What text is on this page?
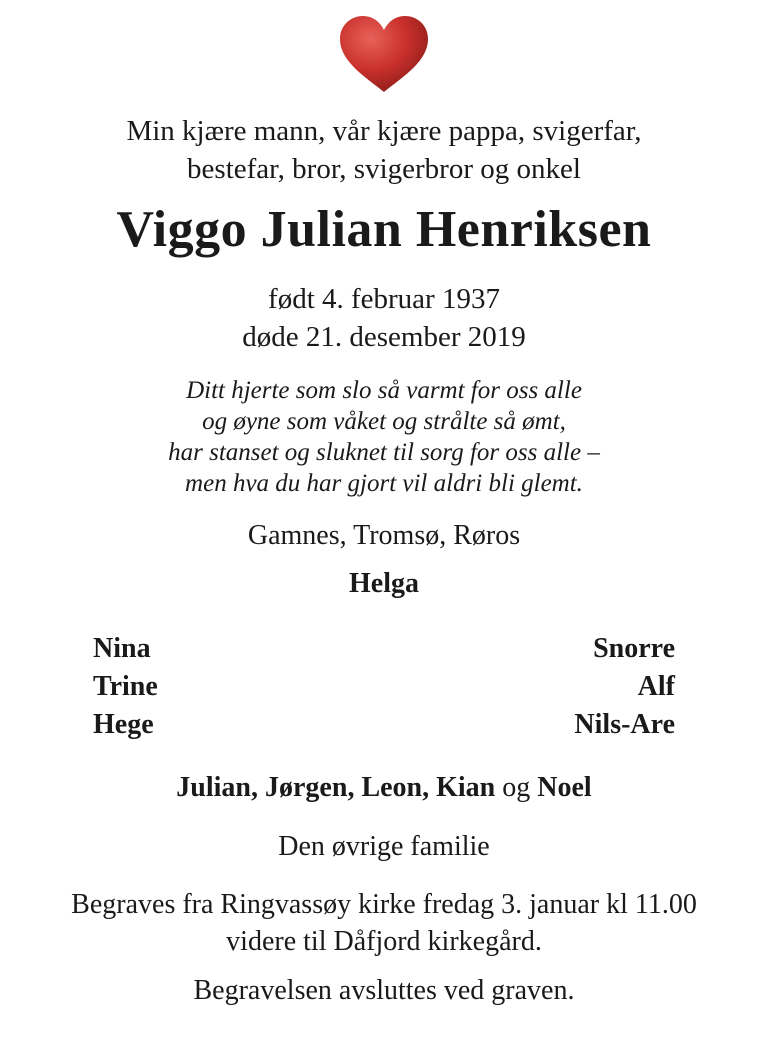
Min kjære mann, vår kjære pappa, svigerfar,
bestefar, bror, svigerbror og onkel

Viggo Julian Henriksen

født 4. februar 1937
døde 21. desember 2019

Ditt hjerte som slo så varmt for oss alle
og øyne som våket og strålte så ømt,
har stanset og sluknet til sorg for oss alle –
men hva du har gjort vil aldri bli glemt.

Gamnes, Tromsø, Røros

Helga

Nina
Trine
Hege
Snorre
Alf
Nils-Are

Julian, Jørgen, Leon, Kian og Noel

Den øvrige familie

Begraves fra Ringvassøy kirke fredag 3. januar kl 11.00
videre til Dåfjord kirkegård.

Begravelsen avsluttes ved graven.
